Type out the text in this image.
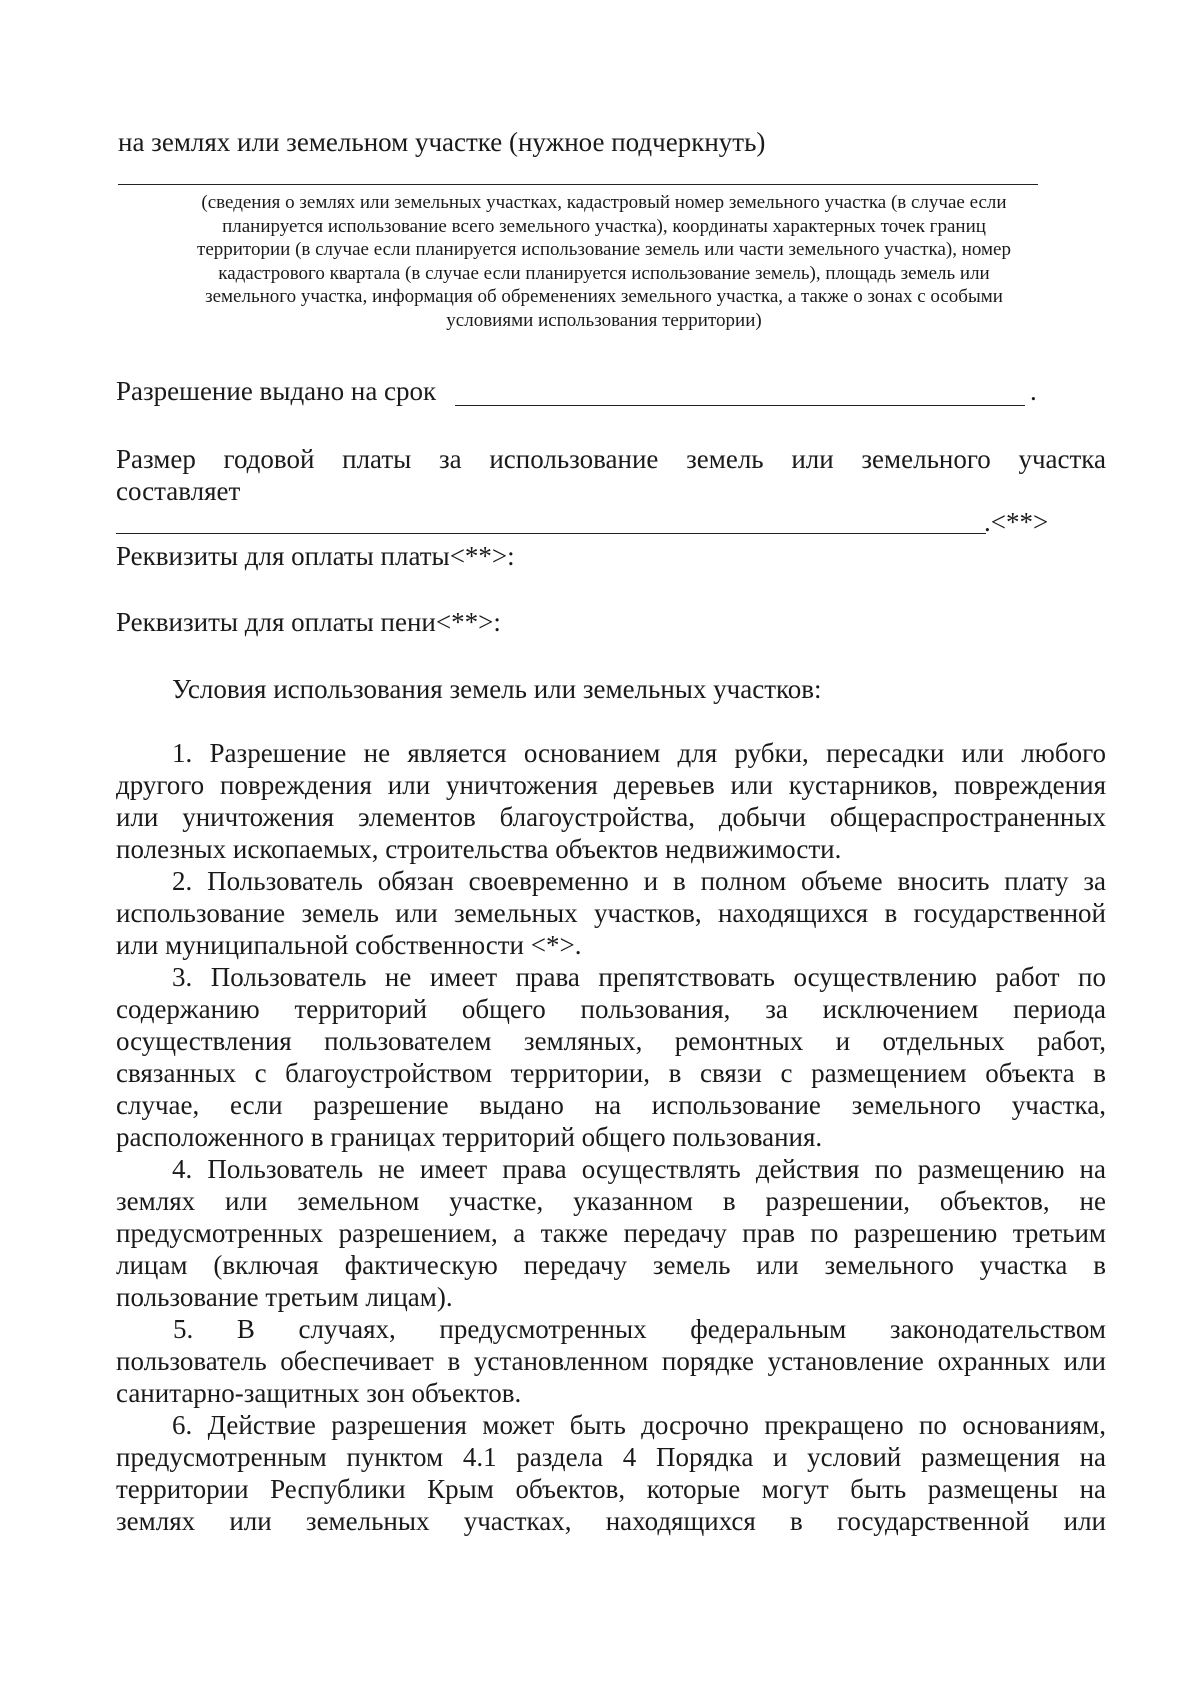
на землях или земельном участке (нужное подчеркнуть)
(сведения о землях или земельных участках, кадастровый номер земельного участка (в случае если
планируется использование всего земельного участка), координаты характерных точек границ
территории (в случае если планируется использование земель или части земельного участка), номер
кадастрового квартала (в случае если планируется использование земель), площадь земель или
земельного участка, информация об обременениях земельного участка, а также о зонах с особыми
условиями использования территории)
Разрешение выдано на срок	.
Размер годовой платы за использование земель или земельного участка
составляет
.<**>
Реквизиты для оплаты платы<**>:
Реквизиты для оплаты пени<**>:
Условия использования земель или земельных участков:
1. Разрешение не является основанием для рубки, пересадки или любого
другого повреждения или уничтожения деревьев или кустарников, повреждения
или уничтожения элементов благоустройства, добычи общераспространенных
полезных ископаемых, строительства объектов недвижимости.
2. Пользователь обязан своевременно и в полном объеме вносить плату за
использование земель или земельных участков, находящихся в государственной
или муниципальной собственности <*>.
3. Пользователь не имеет права препятствовать осуществлению работ по
содержанию территорий общего пользования, за исключением периода
осуществления пользователем земляных, ремонтных и отдельных работ,
связанных с благоустройством территории, в связи с размещением объекта в
случае, если разрешение выдано на использование земельного участка,
расположенного в границах территорий общего пользования.
4. Пользователь не имеет права осуществлять действия по размещению на
землях или земельном участке, указанном в разрешении, объектов, не
предусмотренных разрешением, а также передачу прав по разрешению третьим
лицам (включая фактическую передачу земель или земельного участка в
пользование третьим лицам).
5. В случаях, предусмотренных федеральным законодательством
пользователь обеспечивает в установленном порядке установление охранных или
санитарно-защитных зон объектов.
6. Действие разрешения может быть досрочно прекращено по основаниям,
предусмотренным пунктом 4.1 раздела 4 Порядка и условий размещения на
территории Республики Крым объектов, которые могут быть размещены на
землях или земельных участках, находящихся в государственной или
